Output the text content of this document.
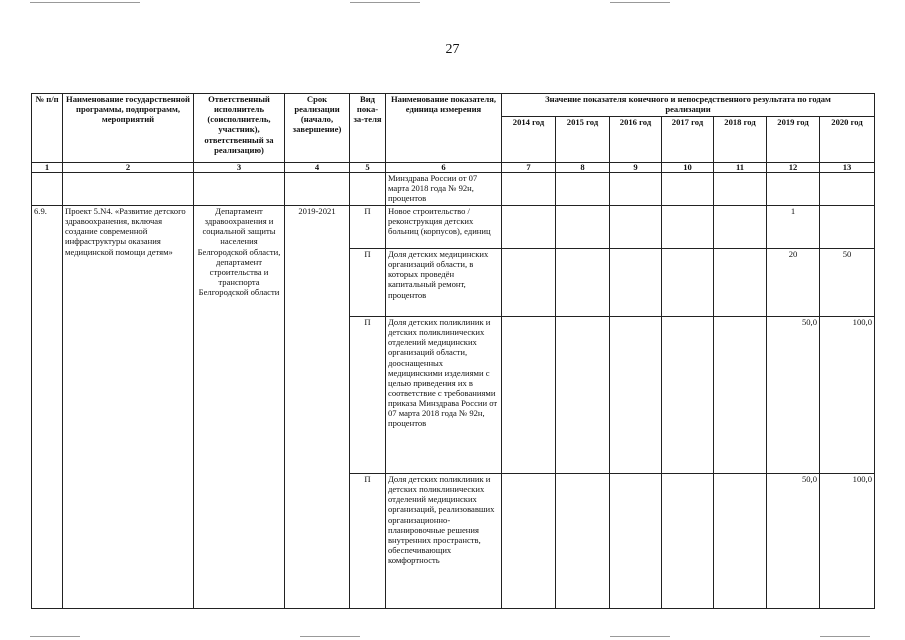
27
№ п/п	Наименование государственной программы, подпрограмм, мероприятий	Ответственный исполнитель (соисполнитель, участник), ответственный за реализацию)	Срок реализации (начало, завершение)	Вид пока-за-теля	Наименование показателя, единица измерения	Значение показателя конечного и непосредственного результата по годам реализации						
						2014 год	2015 год	2016 год	2017 год	2018 год	2019 год	2020 год
1	2	3	4	5	6	7	8	9	10	11	12	13
					Минздрава России от 07 марта 2018 года № 92н, процентов							
6.9.	Проект 5.N4. «Развитие детского здравоохранения, включая создание современной инфраструктуры оказания медицинской помощи детям»	Департамент здравоохранения и социальной защиты населения Белгородской области, департамент строительства и транспорта Белгородской области	2019-2021	П	Новое строительство / реконструкция детских больниц (корпусов), единиц						1	
				П	Доля детских медицинских организаций области, в которых проведён капитальный ремонт, процентов						20	50
				П	Доля детских поликлиник и детских поликлинических отделений медицинских организаций области, дооснащенных медицинскими изделиями с целью приведения их в соответствие с требованиями приказа Минздрава России от 07 марта 2018 года № 92н, процентов						50,0	100,0
				П	Доля детских поликлиник и детских поликлинических отделений медицинских организаций, реализовавших организационно-планировочные решения внутренних пространств, обеспечивающих комфортность						50,0	100,0
